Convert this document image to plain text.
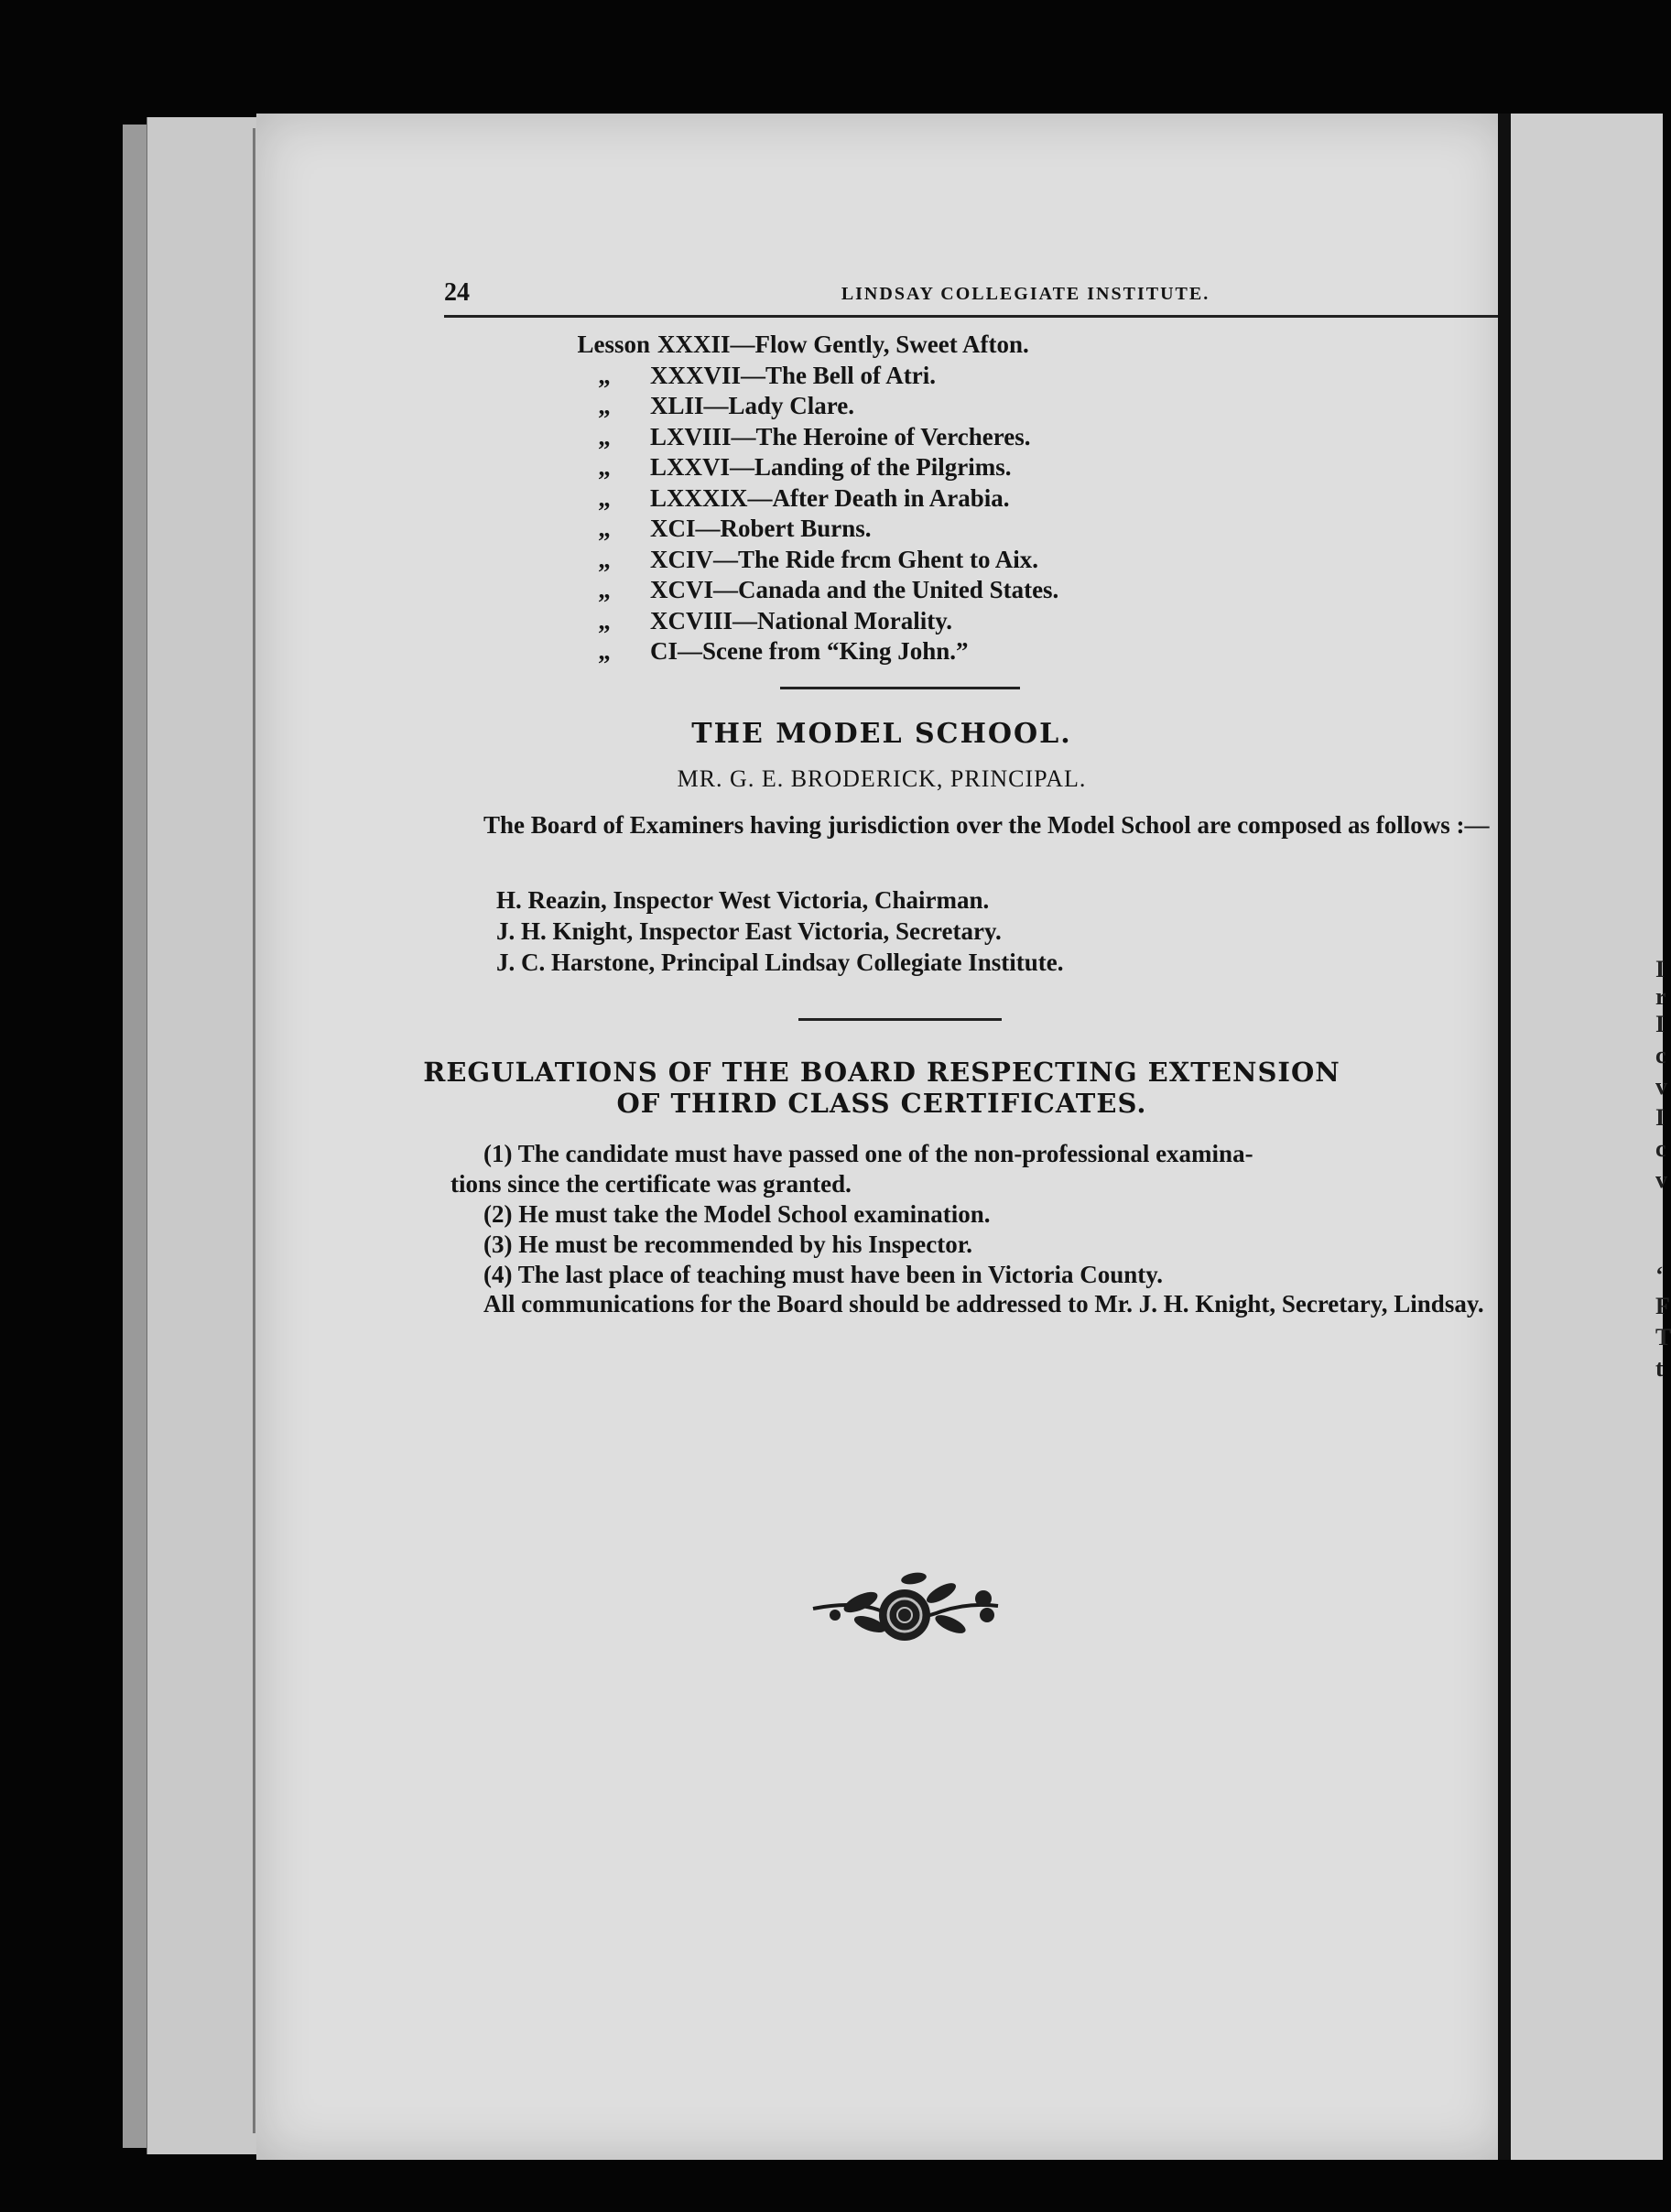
24	LINDSAY COLLEGIATE INSTITUTE.
Lesson XXXII—Flow Gently, Sweet Afton.
„	XXXVII—The Bell of Atri.
„	XLII—Lady Clare.
„	LXVIII—The Heroine of Vercheres.
„	LXXVI—Landing of the Pilgrims.
„	LXXXIX—After Death in Arabia.
„	XCI—Robert Burns.
„	XCIV—The Ride frcm Ghent to Aix.
„	XCVI—Canada and the United States.
„	XCVIII—National Morality.
„	CI—Scene from “King John.”
THE MODEL SCHOOL.
MR. G. E. BRODERICK, PRINCIPAL.
The Board of Examiners having jurisdiction over the Model School are composed as follows :—
H. Reazin, Inspector West Victoria, Chairman.
J. H. Knight, Inspector East Victoria, Secretary.
J. C. Harstone, Principal Lindsay Collegiate Institute.
REGULATIONS OF THE BOARD RESPECTING EXTENSION
OF THIRD CLASS CERTIFICATES.

(1) The candidate must have passed one of the non-professional examina-

tions since the certificate was granted.

(2) He must take the Model School examination.

(3) He must be recommended by his Inspector.

(4) The last place of teaching must have been in Victoria County.

All communications for the Board should be addressed to Mr. J. H. Knight, Secretary, Lindsay.
I
r
I
c
v
I
c
v
‘
F
T
t
